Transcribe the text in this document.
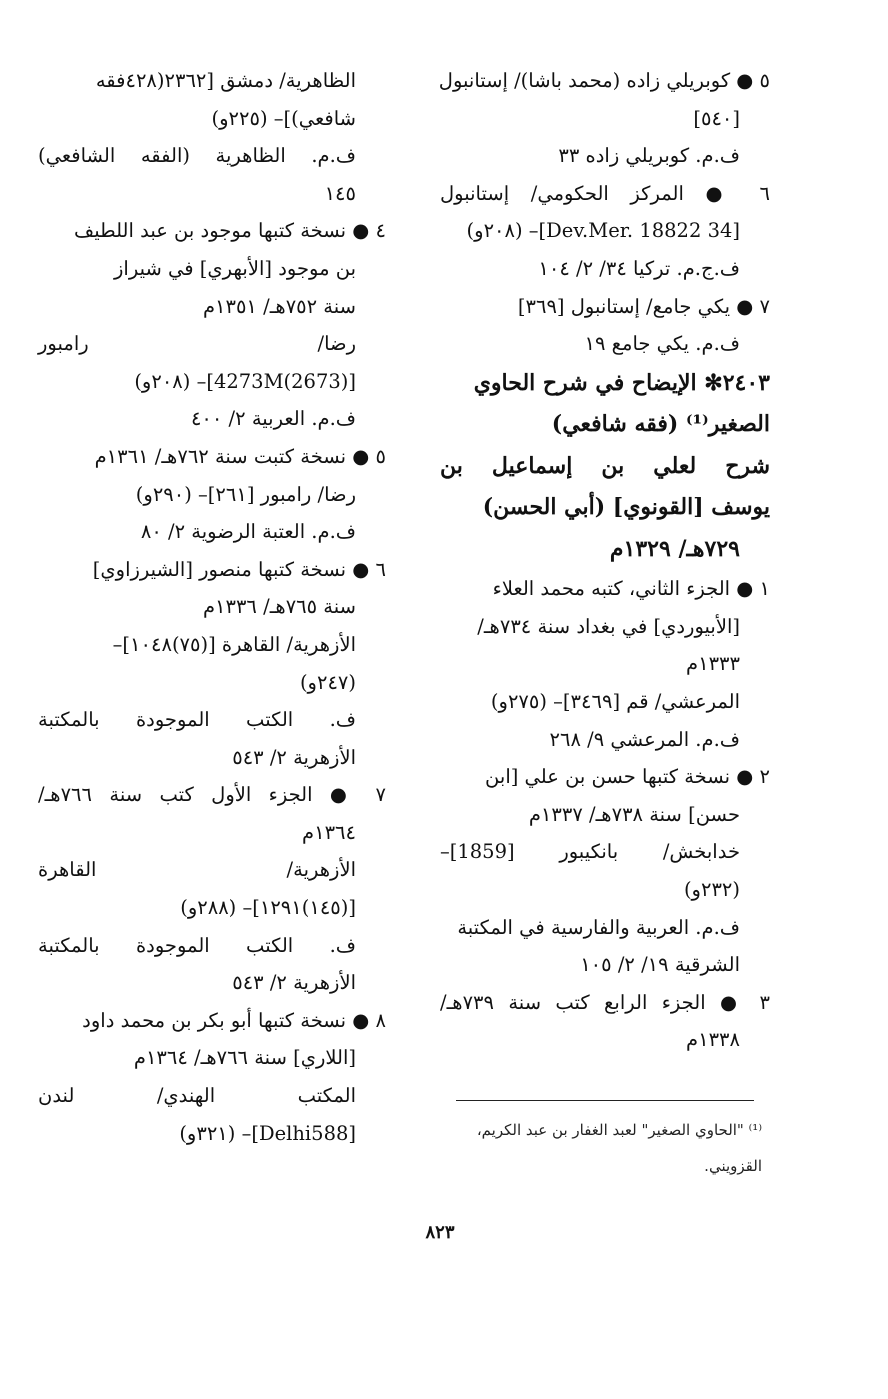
٥ ● كوبريلي زاده (محمد باشا)/ إستانبول
[٥٤٠]
ف.م. كوبريلي زاده ٣٣
٦ ● المركز الحكومي/ إستانبول
[34 Dev.Mer. 18822]– (٢٠٨و)
ف.ج.م. تركيا ٣٤/ ٢/ ١٠٤
٧ ● يكي جامع/ إستانبول [٣٦٩]
ف.م. يكي جامع ١٩
٢٤٠٣✻ الإيضاح في شرح الحاوي
الصغير⁽¹⁾ (فقه شافعي)
شرح لعلي بن إسماعيل بن
يوسف [القونوي] (أبي الحسن)
٧٢٩هـ/ ١٣٢٩م
١ ● الجزء الثاني، كتبه محمد العلاء
[الأبيوردي] في بغداد سنة ٧٣٤هـ/
١٣٣٣م
المرعشي/ قم [٣٤٦٩]– (٢٧٥و)
ف.م. المرعشي ٩/ ٢٦٨
٢ ● نسخة كتبها حسن بن علي [ابن
حسن] سنة ٧٣٨هـ/ ١٣٣٧م
خدابخش/ بانكيبور [1859]–
(٢٣٢و)
ف.م. العربية والفارسية في المكتبة
الشرقية ١٩/ ٢/ ١٠٥
٣ ● الجزء الرابع كتب سنة ٧٣٩هـ/
١٣٣٨م
الظاهرية/ دمشق [٢٣٦٢(٤٢٨فقه
شافعي)]– (٢٢٥و)
ف.م. الظاهرية (الفقه الشافعي)
١٤٥
٤ ● نسخة كتبها موجود بن عبد اللطيف
بن موجود [الأبهري] في شيراز
سنة ٧٥٢هـ/ ١٣٥١م
رضا/ رامبور
[(2673)4273M]– (٢٠٨و)
ف.م. العربية ٢/ ٤٠٠
٥ ● نسخة كتبت سنة ٧٦٢هـ/ ١٣٦١م
رضا/ رامبور [٢٦١]– (٢٩٠و)
ف.م. العتبة الرضوية ٢/ ٨٠
٦ ● نسخة كتبها منصور [الشيرزاوي]
سنة ٧٦٥هـ/ ١٣٣٦م
الأزهرية/ القاهرة [(٧٥)١٠٤٨]–
(٢٤٧و)
ف. الكتب الموجودة بالمكتبة
الأزهرية ٢/ ٥٤٣
٧ ● الجزء الأول كتب سنة ٧٦٦هـ/
١٣٦٤م
الأزهرية/ القاهرة
[(١٤٥)١٢٩١]– (٢٨٨و)
ف. الكتب الموجودة بالمكتبة
الأزهرية ٢/ ٥٤٣
٨ ● نسخة كتبها أبو بكر بن محمد داود
[اللاري] سنة ٧٦٦هـ/ ١٣٦٤م
المكتب الهندي/ لندن
[Delhi588]– (٣٢١و)	⁽¹⁾ "الحاوي الصغير" لعبد الغفار بن عبد الكريم،
القزويني.
٨٢٣
